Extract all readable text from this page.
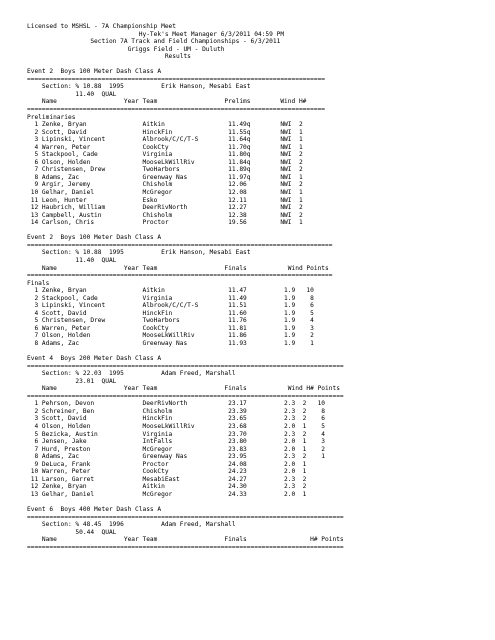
Licensed to MSHSL - 7A Championship Meet
Hy-Tek's Meet Manager 6/3/2011 04:59 PM
Section 7A Track and Field Championships - 6/3/2011
Griggs Field - UM - Duluth
Results
Event 2  Boys 100 Meter Dash Class A
================================================================================
Section: % 10.88  1995          Erik Hanson, Mesabi East
11.40  QUAL
Name                  Year Team                  Prelims        Wind H#
================================================================================
Preliminaries
1 Zenke, Bryan               Aitkin                 11.49q        NWI  2
2 Scott, David               HinckFin               11.55q        NWI  1
3 Lipinski, Vincent          Albrook/C/C/T-S        11.64q        NWI  1
4 Warren, Peter              CookCty                11.70q        NWI  1
5 Stackpool, Cade            Virginia               11.80q        NWI  2
6 Olson, Holden              MooseLkWillRiv         11.84q        NWI  2
7 Christensen, Drew          TwoHarbors             11.89q        NWI  2
8 Adams, Zac                 Greenway Nas           11.97q        NWI  1
9 Argir, Jeremy              Chisholm               12.06         NWI  2
10 Gelhar, Daniel             McGregor               12.08         NWI  1
11 Leon, Hunter               Esko                   12.11         NWI  1
12 Haubrich, William          DeerRivNorth           12.27         NWI  2
13 Campbell, Austin           Chisholm               12.38         NWI  2
14 Carlson, Chris             Proctor                19.56         NWI  1
Event 2  Boys 100 Meter Dash Class A
==================================================================================
Section: % 10.88  1995          Erik Hanson, Mesabi East
11.40  QUAL
Name                  Year Team                  Finals           Wind Points
==================================================================================
Finals
1 Zenke, Bryan               Aitkin                 11.47          1.9   10
2 Stackpool, Cade            Virginia               11.49          1.9    8
3 Lipinski, Vincent          Albrook/C/C/T-S        11.51          1.9    6
4 Scott, David               HinckFin               11.60          1.9    5
5 Christensen, Drew          TwoHarbors             11.76          1.9    4
6 Warren, Peter              CookCty                11.81          1.9    3
7 Olson, Holden              MooseLkWillRiv         11.86          1.9    2
8 Adams, Zac                 Greenway Nas           11.93          1.9    1
Event 4  Boys 200 Meter Dash Class A
=====================================================================================
Section: % 22.03  1995          Adam Freed, Marshall
23.01  QUAL
Name                  Year Team                  Finals           Wind H# Points
=====================================================================================
1 Pehrson, Devon             DeerRivNorth           23.17          2.3  2   10
2 Schreiner, Ben             Chisholm               23.39          2.3  2    8
3 Scott, David               HinckFin               23.65          2.3  2    6
4 Olson, Holden              MooseLkWillRiv         23.68          2.0  1    5
5 Bezicka, Austin            Virginia               23.70          2.3  2    4
6 Jensen, Jake               IntFalls               23.80          2.0  1    3
7 Hurd, Preston              McGregor               23.83          2.0  1    2
8 Adams, Zac                 Greenway Nas           23.95          2.3  2    1
9 DeLuca, Frank              Proctor                24.08          2.0  1
10 Warren, Peter              CookCty                24.23          2.0  1
11 Larson, Garret             MesabiEast             24.27          2.3  2
12 Zenke, Bryan               Aitkin                 24.30          2.3  2
13 Gelhar, Daniel             McGregor               24.33          2.0  1
Event 6  Boys 400 Meter Dash Class A
=====================================================================================
Section: % 48.45  1996          Adam Freed, Marshall
50.44  QUAL
Name                  Year Team                  Finals                 H# Points
=====================================================================================
